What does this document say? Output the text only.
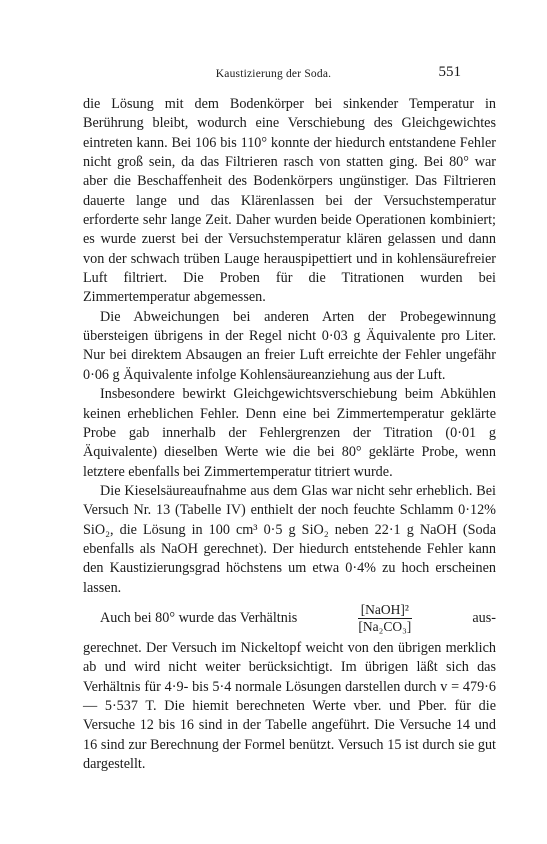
Kaustizierung der Soda.	551

die Lösung mit dem Bodenkörper bei sinkender Temperatur in Berührung bleibt, wodurch eine Verschiebung des Gleichgewichtes eintreten kann. Bei 106 bis 110° konnte der hiedurch entstandene Fehler nicht groß sein, da das Filtrieren rasch von statten ging. Bei 80° war aber die Beschaffenheit des Bodenkörpers ungünstiger. Das Filtrieren dauerte lange und das Klärenlassen bei der Versuchstemperatur erforderte sehr lange Zeit. Daher wurden beide Operationen kombiniert; es wurde zuerst bei der Versuchstemperatur klären gelassen und dann von der schwach trüben Lauge herauspipettiert und in kohlensäurefreier Luft filtriert. Die Proben für die Titrationen wurden bei Zimmertemperatur abgemessen.

Die Abweichungen bei anderen Arten der Probegewinnung übersteigen übrigens in der Regel nicht 0·03 g Äquivalente pro Liter. Nur bei direktem Absaugen an freier Luft erreichte der Fehler ungefähr 0·06 g Äquivalente infolge Kohlensäureanziehung aus der Luft.

Insbesondere bewirkt Gleichgewichtsverschiebung beim Abkühlen keinen erheblichen Fehler. Denn eine bei Zimmertemperatur geklärte Probe gab innerhalb der Fehlergrenzen der Titration (0·01 g Äquivalente) dieselben Werte wie die bei 80° geklärte Probe, wenn letztere ebenfalls bei Zimmertemperatur titriert wurde.

Die Kieselsäureaufnahme aus dem Glas war nicht sehr erheblich. Bei Versuch Nr. 13 (Tabelle IV) enthielt der noch feuchte Schlamm 0·12% SiO₂, die Lösung in 100 cm³ 0·5 g SiO₂ neben 22·1 g NaOH (Soda ebenfalls als NaOH gerechnet). Der hiedurch entstehende Fehler kann den Kaustizierungsgrad höchstens um etwa 0·4% zu hoch erscheinen lassen.

Auch bei 80° wurde das Verhältnis	$\frac{\text{[NaOH]²}}{\text{[Na₂CO₃]}}$	aus-

gerechnet. Der Versuch im Nickeltopf weicht von den übrigen merklich ab und wird nicht weiter berücksichtigt. Im übrigen läßt sich das Verhältnis für 4·9- bis 5·4 normale Lösungen darstellen durch v = 479·6 — 5·537 T. Die hiemit berechneten Werte vber. und Pber. für die Versuche 12 bis 16 sind in der Tabelle angeführt. Die Versuche 14 und 16 sind zur Berechnung der Formel benützt. Versuch 15 ist durch sie gut dargestellt.
